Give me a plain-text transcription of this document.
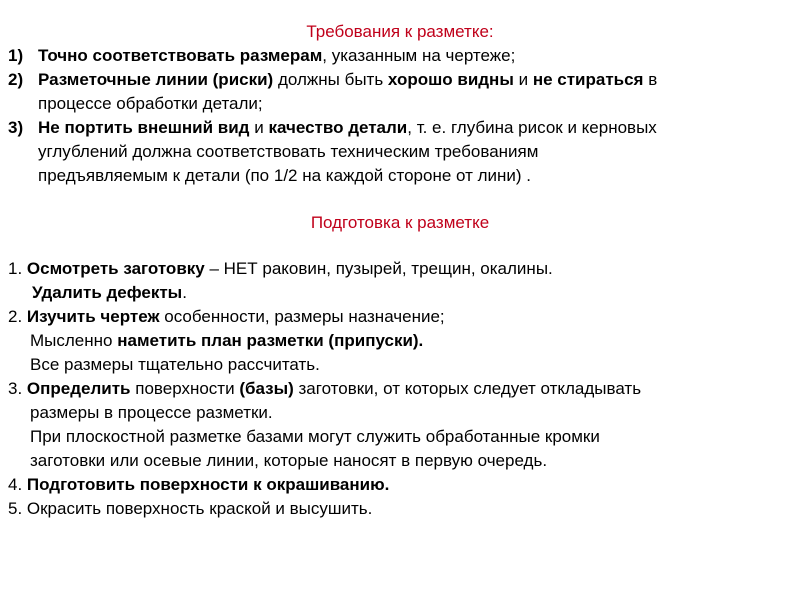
Требования к разметке:
1) Точно соответствовать размерам, указанным на чертеже;
2) Разметочные линии (риски) должны быть хорошо видны и не стираться в
процессе обработки детали;
3) Не портить внешний вид и качество детали, т. е. глубина рисок и керновых
углублений должна соответствовать техническим требованиям
предъявляемым к детали (по 1/2 на каждой стороне от лини) .
Подготовка к разметке
1. Осмотреть заготовку – НЕТ раковин, пузырей, трещин, окалины.
Удалить дефекты.
2. Изучить чертеж особенности, размеры назначение;
Мысленно наметить план разметки (припуски).
Все размеры тщательно рассчитать.
3. Определить поверхности (базы) заготовки, от которых следует откладывать
размеры в процессе разметки.
При плоскостной разметке базами могут служить обработанные кромки
заготовки или осевые линии, которые наносят в первую очередь.
4. Подготовить поверхности к окрашиванию.
5. Окрасить поверхность краской и высушить.
